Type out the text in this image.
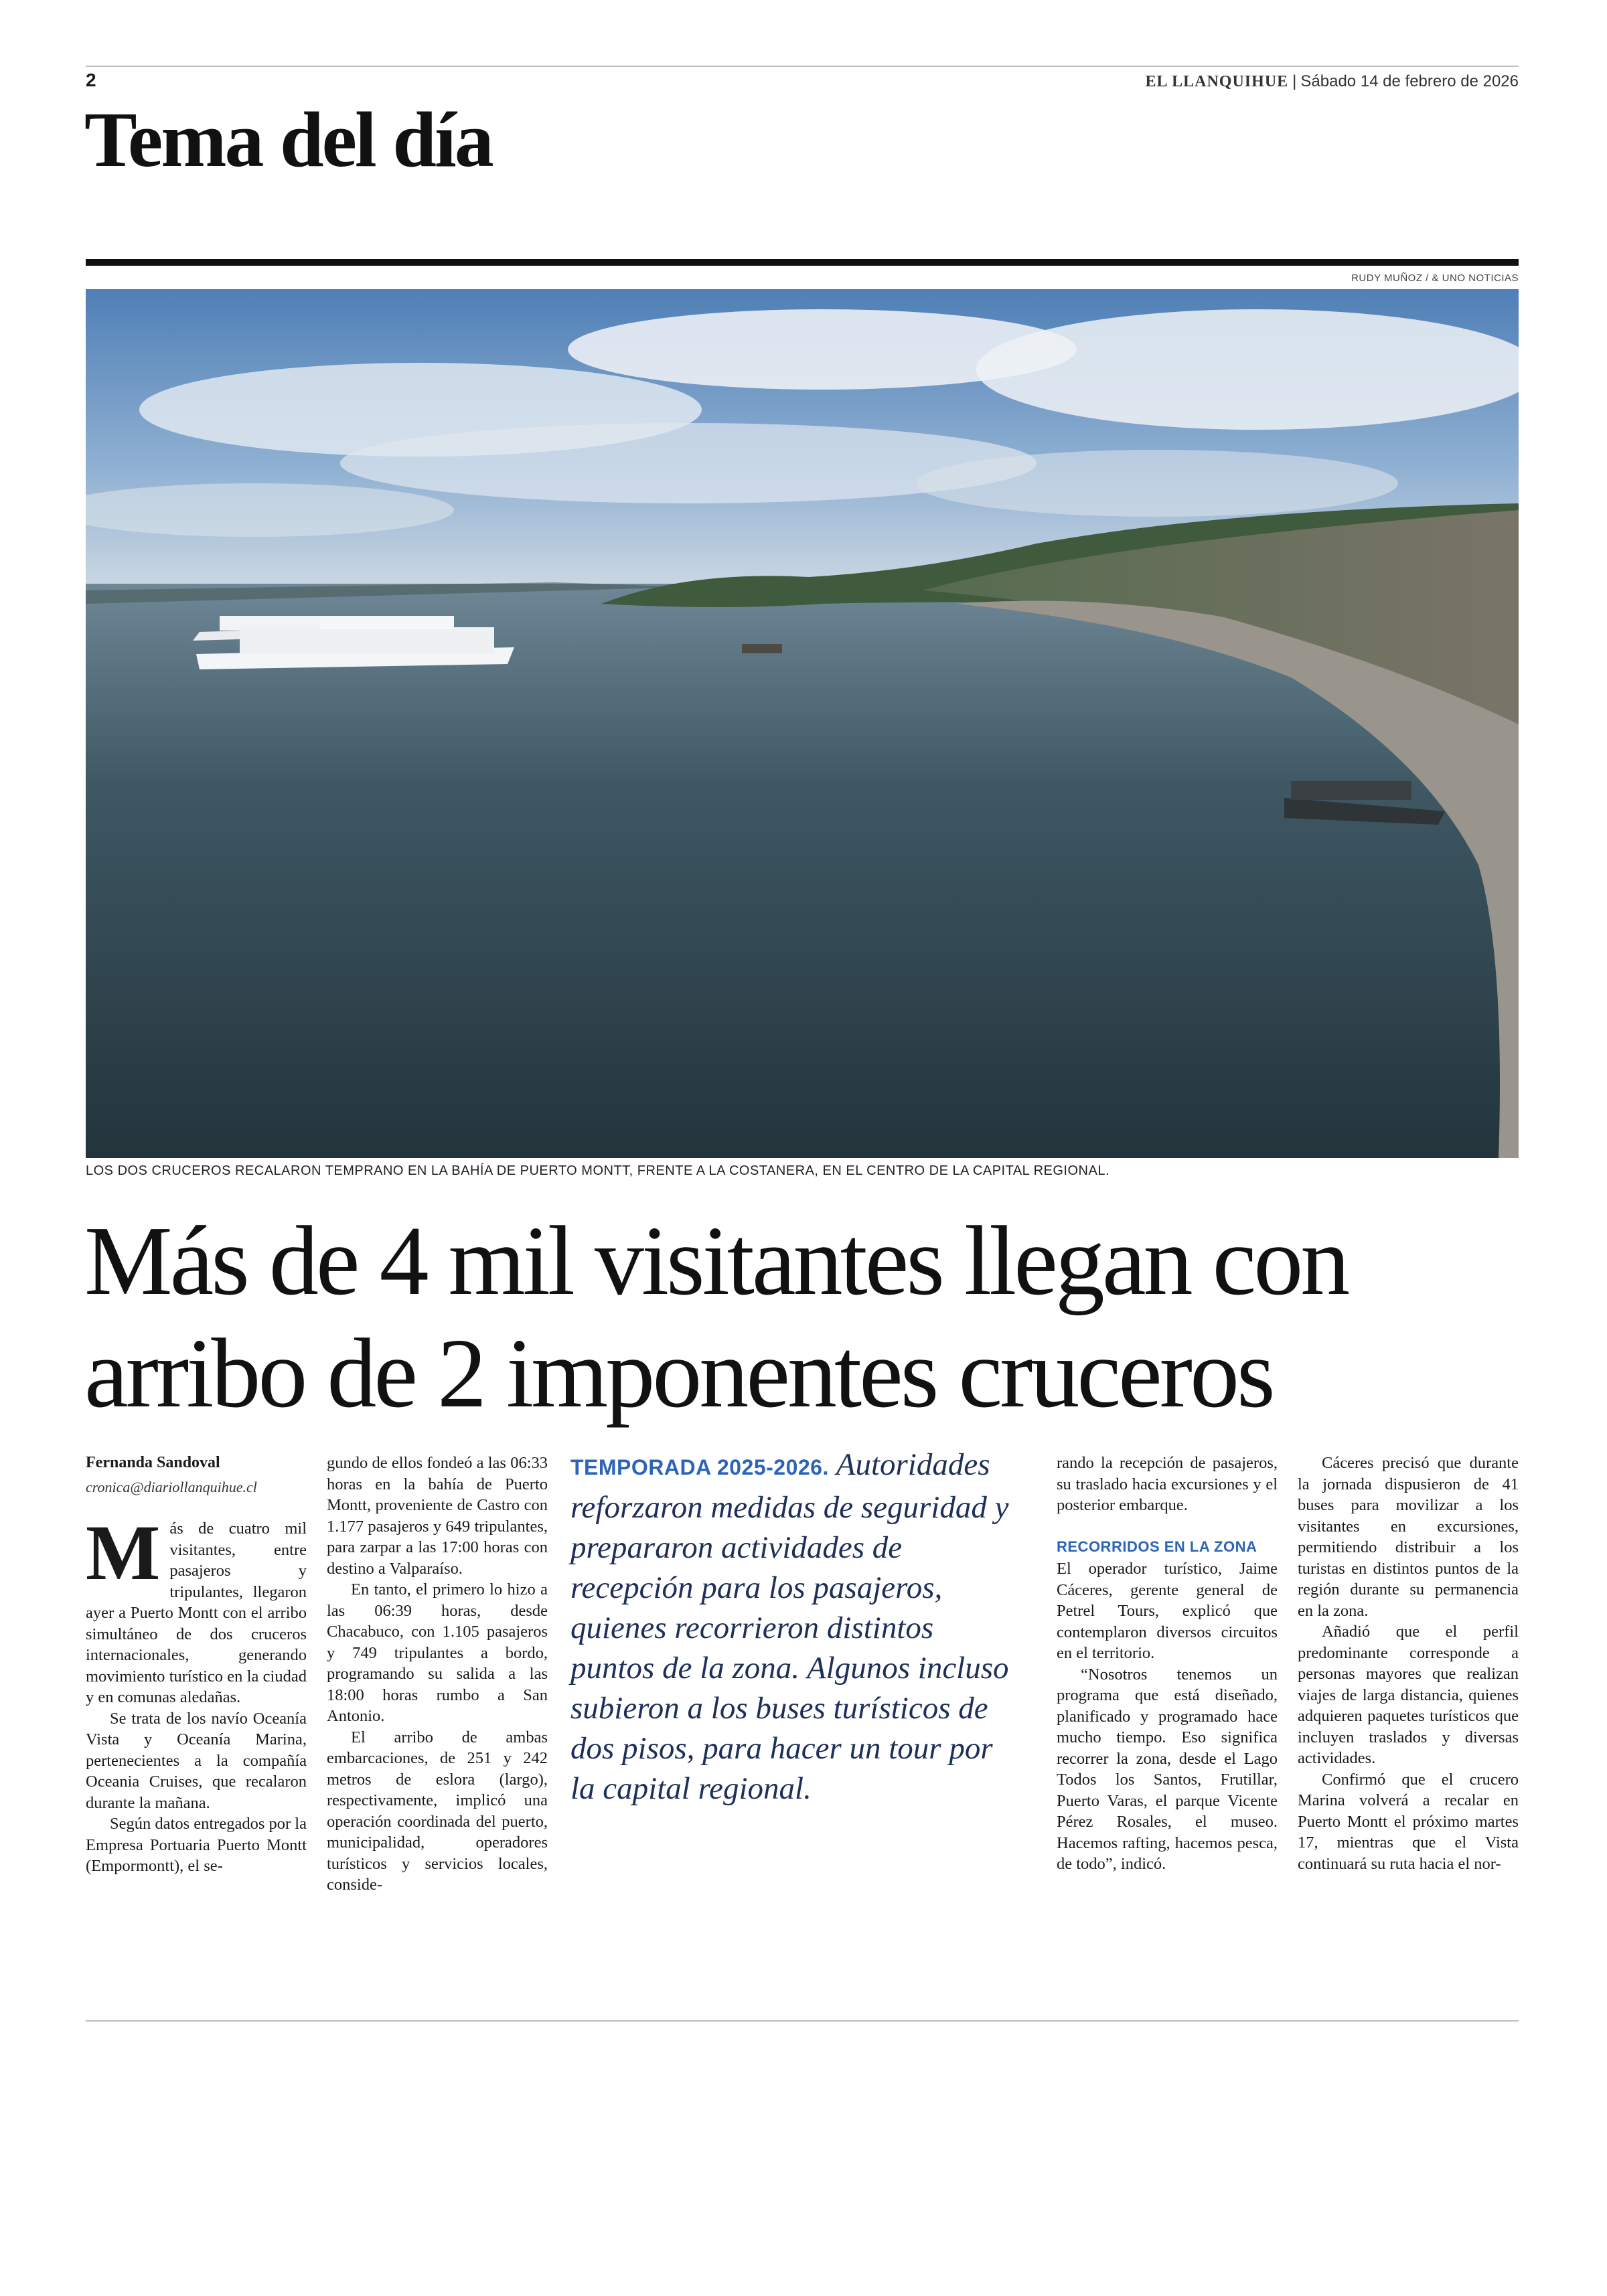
2	EL LLANQUIHUE | Sábado 14 de febrero de 2026
Tema del día
RUDY MUÑOZ / & UNO NOTICIAS
LOS DOS CRUCEROS RECALARON TEMPRANO EN LA BAHÍA DE PUERTO MONTT, FRENTE A LA COSTANERA, EN EL CENTRO DE LA CAPITAL REGIONAL.
Más de 4 mil visitantes llegan con
arribo de 2 imponentes cruceros
Fernanda Sandoval
cronica@diariollanquihue.cl

Más de cuatro mil visitantes, entre pasajeros y tripulantes, llegaron ayer a Puerto Montt con el arribo simultáneo de dos cruceros internacionales, generando movimiento turístico en la ciudad y en comunas aledañas.

Se trata de los navío Oceanía Vista y Oceanía Marina, pertenecientes a la compañía Oceania Cruises, que recalaron durante la mañana.

Según datos entregados por la Empresa Portuaria Puerto Montt (Empormontt), el se-

gundo de ellos fondeó a las 06:33 horas en la bahía de Puerto Montt, proveniente de Castro con 1.177 pasajeros y 649 tripulantes, para zarpar a las 17:00 horas con destino a Valparaíso.

En tanto, el primero lo hizo a las 06:39 horas, desde Chacabuco, con 1.105 pasajeros y 749 tripulantes a bordo, programando su salida a las 18:00 horas rumbo a San Antonio.

El arribo de ambas embarcaciones, de 251 y 242 metros de eslora (largo), respectivamente, implicó una operación coordinada del puerto, municipalidad, operadores turísticos y servicios locales, conside-

TEMPORADA 2025-2026. Autoridades reforzaron medidas de seguridad y prepararon actividades de recepción para los pasajeros, quienes recorrieron distintos puntos de la zona. Algunos incluso subieron a los buses turísticos de dos pisos, para hacer un tour por la capital regional.

rando la recepción de pasajeros, su traslado hacia excursiones y el posterior embarque.

RECORRIDOS EN LA ZONA

El operador turístico, Jaime Cáceres, gerente general de Petrel Tours, explicó que contemplaron diversos circuitos en el territorio.

“Nosotros tenemos un programa que está diseñado, planificado y programado hace mucho tiempo. Eso significa recorrer la zona, desde el Lago Todos los Santos, Frutillar, Puerto Varas, el parque Vicente Pérez Rosales, el museo. Hacemos rafting, hacemos pesca, de todo”, indicó.

Cáceres precisó que durante la jornada dispusieron de 41 buses para movilizar a los visitantes en excursiones, permitiendo distribuir a los turistas en distintos puntos de la región durante su permanencia en la zona.

Añadió que el perfil predominante corresponde a personas mayores que realizan viajes de larga distancia, quienes adquieren paquetes turísticos que incluyen traslados y diversas actividades.

Confirmó que el crucero Marina volverá a recalar en Puerto Montt el próximo martes 17, mientras que el Vista continuará su ruta hacia el nor-
